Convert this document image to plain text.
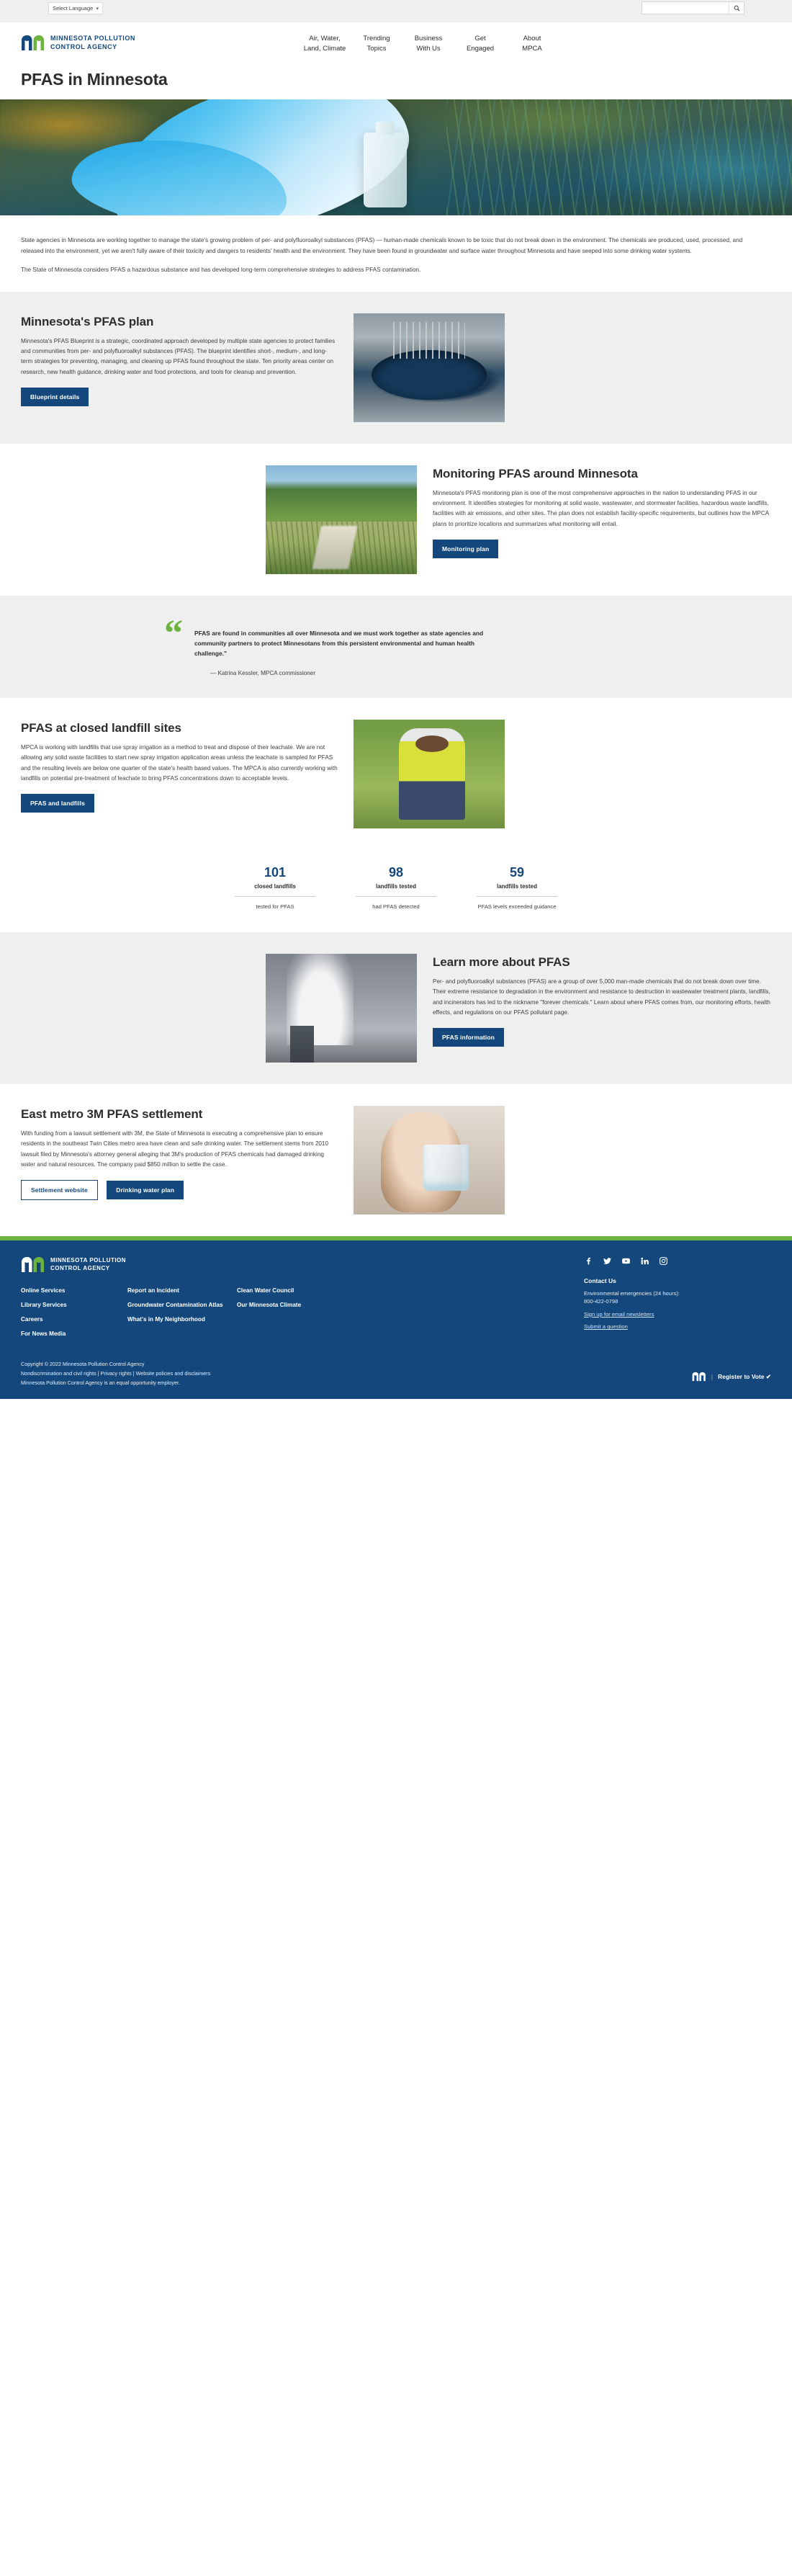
Select Language ▾
MINNESOTA POLLUTION
CONTROL AGENCY
Air, Water,
Land, Climate
Trending
Topics
Business
With Us
Get
Engaged
About
MPCA
PFAS in Minnesota

State agencies in Minnesota are working together to manage the state's growing problem of per- and polyfluoroalkyl substances (PFAS) — human-made chemicals known to be toxic that do not break down in the environment. The chemicals are produced, used, processed, and released into the environment, yet we aren't fully aware of their toxicity and dangers to residents' health and the environment. They have been found in groundwater and surface water throughout Minnesota and have seeped into some drinking water systems.

The State of Minnesota considers PFAS a hazardous substance and has developed long-term comprehensive strategies to address PFAS contamination.

Minnesota's PFAS plan

Minnesota's PFAS Blueprint is a strategic, coordinated approach developed by multiple state agencies to protect families and communities from per- and polyfluoroalkyl substances (PFAS). The blueprint identifies short-, medium-, and long-term strategies for preventing, managing, and cleaning up PFAS found throughout the state. Ten priority areas center on research, new health guidance, drinking water and food protections, and tools for cleanup and prevention.

Blueprint details
Monitoring PFAS around Minnesota

Minnesota's PFAS monitoring plan is one of the most comprehensive approaches in the nation to understanding PFAS in our environment. It identifies strategies for monitoring at solid waste, wastewater, and stormwater facilities, hazardous waste landfills, facilities with air emissions, and other sites. The plan does not establish facility-specific requirements, but outlines how the MPCA plans to prioritize locations and summarizes what monitoring will entail.

Monitoring plan
“ PFAS are found in communities all over Minnesota and we must work together as state agencies and community partners to protect Minnesotans from this persistent environmental and human health challenge."
— Katrina Kessler, MPCA commissioner
PFAS at closed landfill sites

MPCA is working with landfills that use spray irrigation as a method to treat and dispose of their leachate. We are not allowing any solid waste facilities to start new spray irrigation application areas unless the leachate is sampled for PFAS and the resulting levels are below one quarter of the state's health based values. The MPCA is also currently working with landfills on potential pre-treatment of leachate to bring PFAS concentrations down to acceptable levels.

PFAS and landfills
101
closed landfills
tested for PFAS
98
landfills tested
had PFAS detected
59
landfills tested
PFAS levels exceeded guidance
Learn more about PFAS

Per- and polyfluoroalkyl substances (PFAS) are a group of over 5,000 man-made chemicals that do not break down over time. Their extreme resistance to degradation in the environment and resistance to destruction in wastewater treatment plants, landfills, and incinerators has led to the nickname "forever chemicals." Learn about where PFAS comes from, our monitoring efforts, health effects, and regulations on our PFAS pollutant page.

PFAS information
East metro 3M PFAS settlement

With funding from a lawsuit settlement with 3M, the State of Minnesota is executing a comprehensive plan to ensure residents in the southeast Twin Cities metro area have clean and safe drinking water. The settlement stems from 2010 lawsuit filed by Minnesota's attorney general alleging that 3M's production of PFAS chemicals had damaged drinking water and natural resources. The company paid $850 million to settle the case.

Settlement website	Drinking water plan
MINNESOTA POLLUTION
CONTROL AGENCY
Online Services
Library Services
Careers
For News Media
Report an Incident
Groundwater Contamination Atlas
What's in My Neighborhood
Clean Water Council
Our Minnesota Climate
Contact Us
Environmental emergencies (24 hours):
800-422-0798
Sign up for email newsletters
Submit a question
Copyright © 2022 Minnesota Pollution Control Agency
Nondiscrimination and civil rights | Privacy rights | Website policies and disclaimers
Minnesota Pollution Control Agency is an equal opportunity employer.
| Register to Vote ✔
